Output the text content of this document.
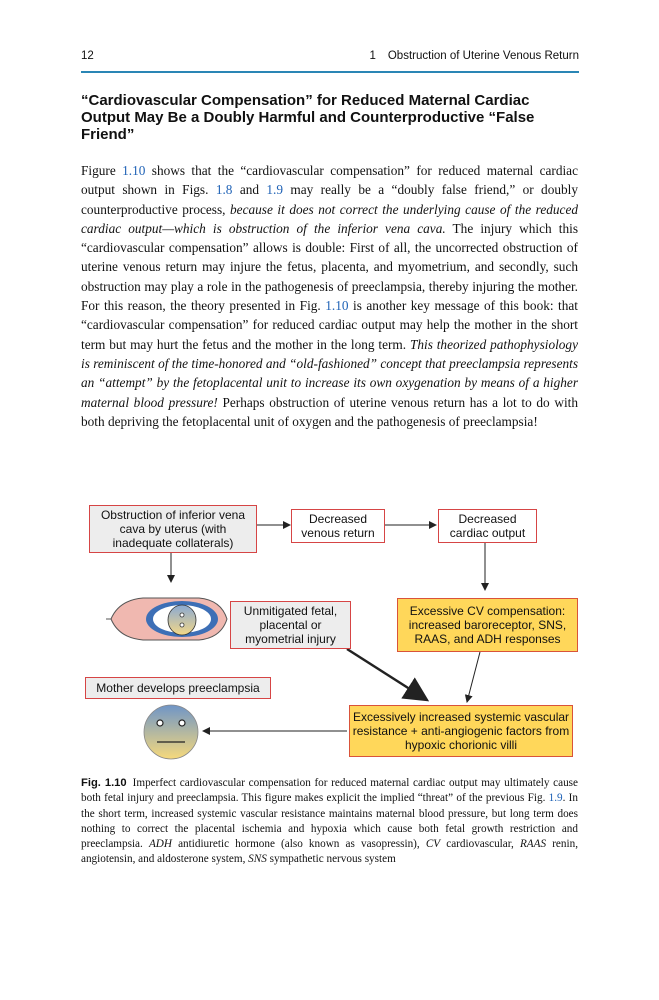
12	1 Obstruction of Uterine Venous Return
“Cardiovascular Compensation” for Reduced Maternal Cardiac Output May Be a Doubly Harmful and Counterproductive “False Friend”

Figure 1.10 shows that the “cardiovascular compensation” for reduced maternal cardiac output shown in Figs. 1.8 and 1.9 may really be a “doubly false friend,” or doubly counterproductive process, because it does not correct the underlying cause of the reduced cardiac output—which is obstruction of the inferior vena cava. The injury which this “cardiovascular compensation” allows is double: First of all, the uncorrected obstruction of uterine venous return may injure the fetus, placenta, and myometrium, and secondly, such obstruction may play a role in the pathogenesis of preeclampsia, thereby injuring the mother. For this reason, the theory presented in Fig. 1.10 is another key message of this book: that “cardiovascular compensation” for reduced cardiac output may help the mother in the short term but may hurt the fetus and the mother in the long term. This theorized pathophysiology is reminiscent of the time-honored and “old-fashioned” concept that preeclampsia represents an “attempt” by the fetoplacental unit to increase its own oxygenation by means of a higher maternal blood pressure! Perhaps obstruction of uterine venous return has a lot to do with both depriving the fetoplacental unit of oxygen and the pathogenesis of preeclampsia!

Obstruction of inferior vena cava by uterus (with inadequate collaterals)
Decreased venous return
Decreased cardiac output
Unmitigated fetal, placental or myometrial injury
Excessive CV compensation: increased baroreceptor, SNS, RAAS, and ADH responses
Mother develops preeclampsia
Excessively increased systemic vascular resistance + anti-angiogenic factors from hypoxic chorionic villi

Fig. 1.10 Imperfect cardiovascular compensation for reduced maternal cardiac output may ultimately cause both fetal injury and preeclampsia. This figure makes explicit the implied “threat” of the previous Fig. 1.9. In the short term, increased systemic vascular resistance maintains maternal blood pressure, but long term does nothing to correct the placental ischemia and hypoxia which cause both fetal growth restriction and preeclampsia. ADH antidiuretic hormone (also known as vasopressin), CV cardiovascular, RAAS renin, angiotensin, and aldosterone system, SNS sympathetic nervous system
